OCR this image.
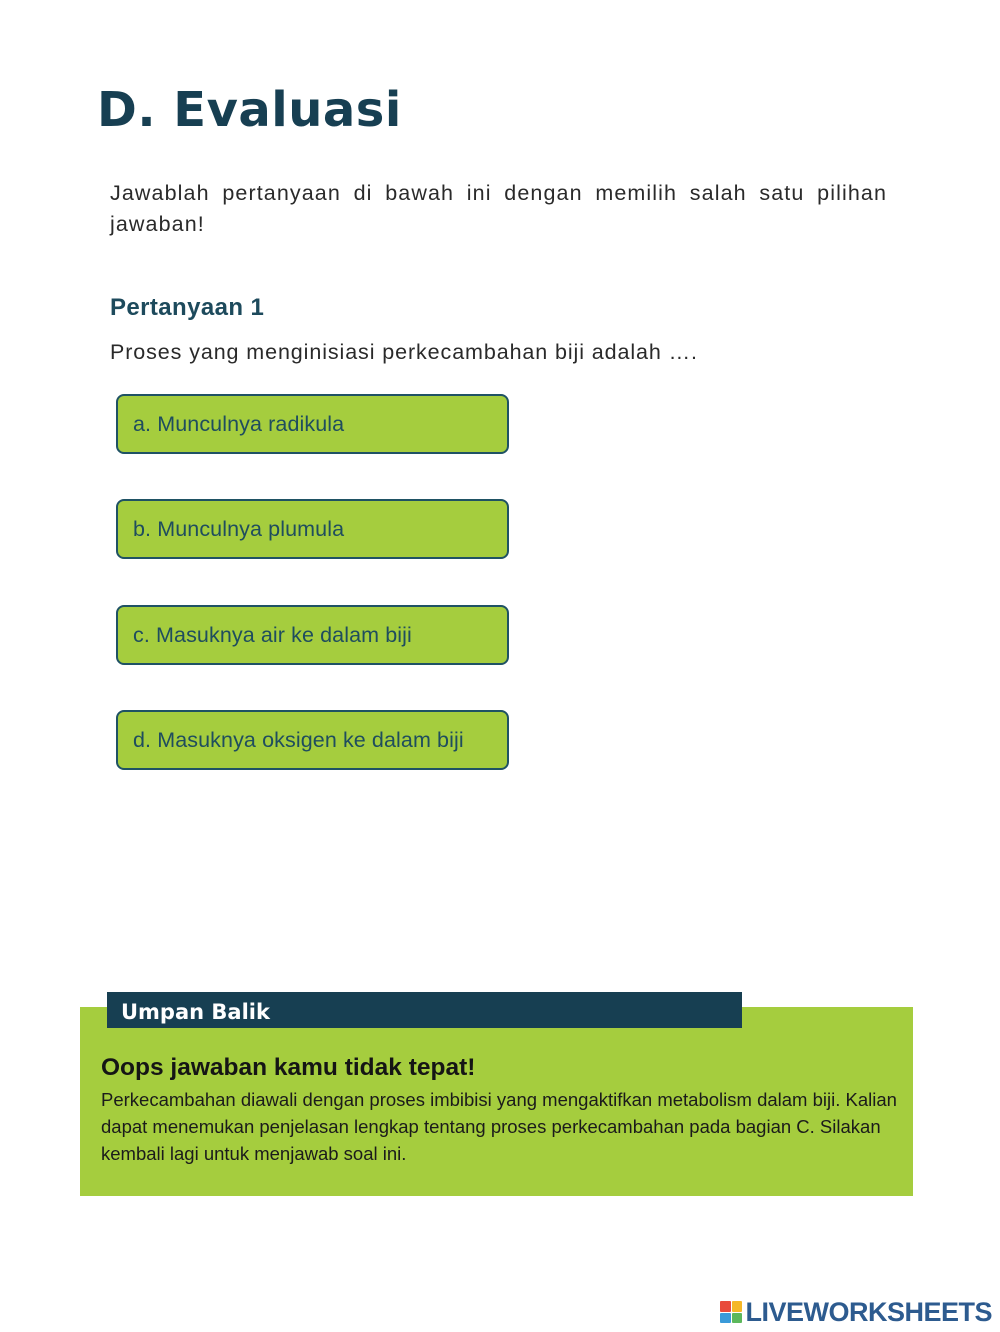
D. Evaluasi

Jawablah pertanyaan di bawah ini dengan memilih salah satu pilihan jawaban!

Pertanyaan 1

Proses yang menginisiasi perkecambahan biji adalah ….

a. Munculnya radikula
b. Munculnya plumula
c. Masuknya air ke dalam biji
d. Masuknya oksigen ke dalam biji
Umpan Balik
Oops jawaban kamu tidak tepat!

Perkecambahan diawali dengan proses imbibisi yang mengaktifkan metabolism dalam biji. Kalian dapat menemukan penjelasan lengkap tentang proses perkecambahan pada bagian C. Silakan kembali lagi untuk menjawab soal ini.

LIVEWORKSHEETS
